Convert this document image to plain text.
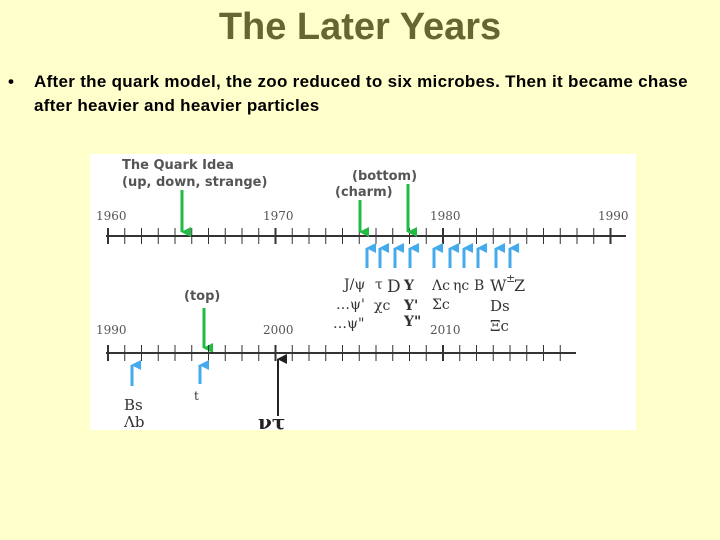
The Later Years
• After the quark model, the zoo reduced to six microbes. Then it became chase after heavier and heavier particles
The Quark Idea
(up, down, strange)
(charm)
(bottom)
1960	1970	1980	1990
J/ψ τ D Υ Λc ηc B W ±
Z
…ψ' χc Υ' Σc	Ds
…ψ"	Υ"	Ξc
(top)
1990	2000	2010
Bs
Λb
t
ντ
